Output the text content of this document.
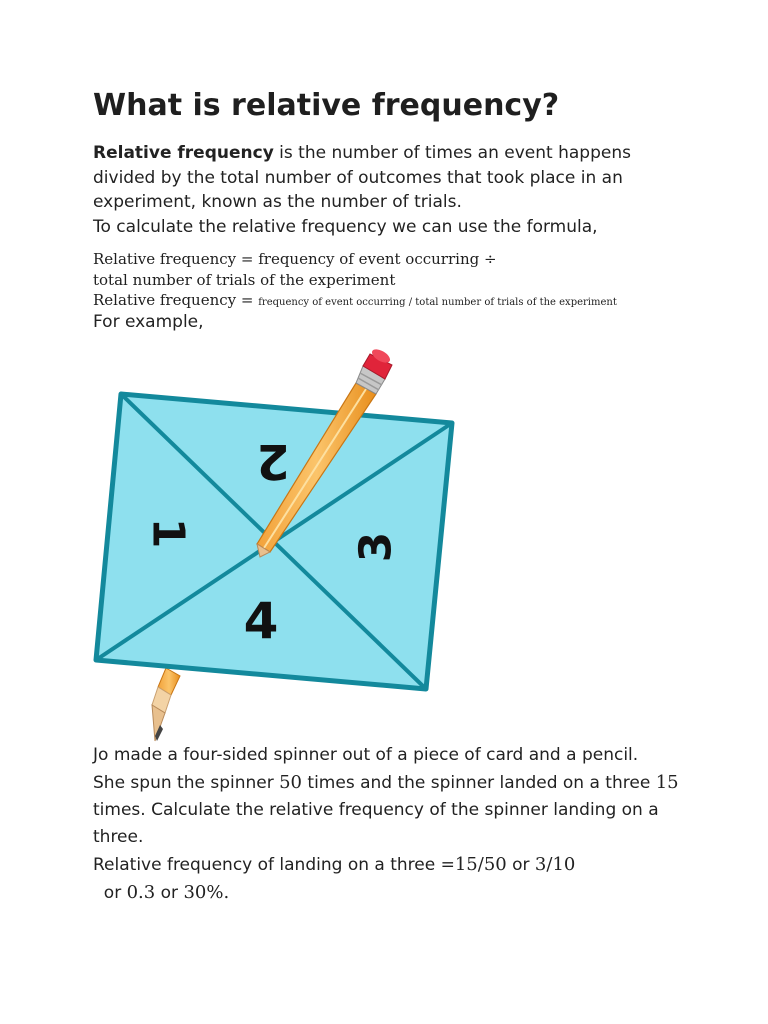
What is relative frequency?

Relative frequency is the number of times an event happens divided by the total number of outcomes that took place in an experiment, known as the number of trials.
To calculate the relative frequency we can use the formula,

Relative frequency = frequency of event occurring ÷
total number of trials of the experiment
Relative frequency = frequency of event occurring / total number of trials of the experiment
For example,

Jo made a four-sided spinner out of a piece of card and a pencil.
She spun the spinner 50 times and the spinner landed on a three 15 times. Calculate the relative frequency of the spinner landing on a three.
Relative frequency of landing on a three =15/50 or 3/10
or 0.3 or 30%.

1
2
3
4
